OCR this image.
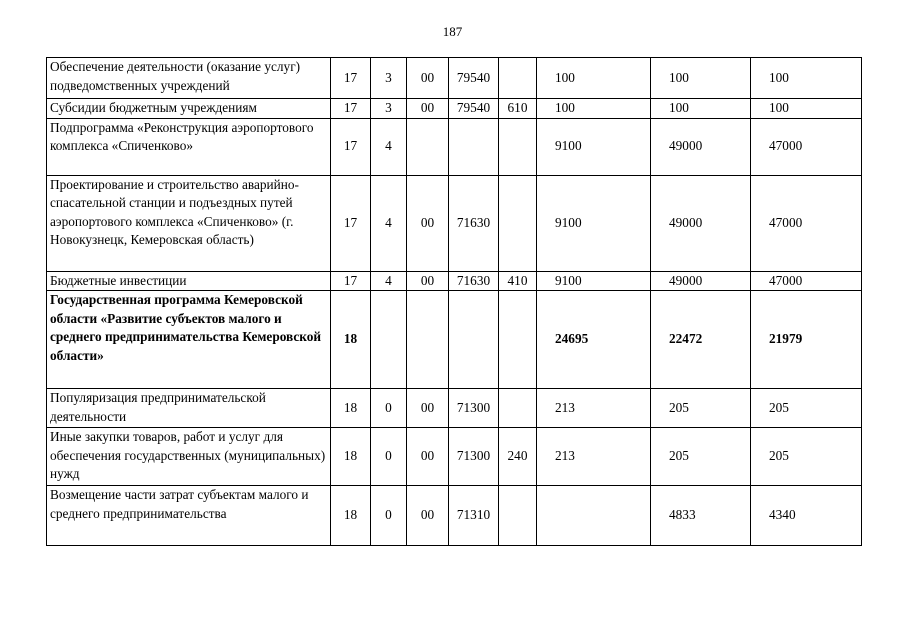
187
Обеспечение деятельности (оказание услуг) подведомственных учреждений	17	3	00	79540		100	100	100
Субсидии бюджетным учреждениям	17	3	00	79540	610	100	100	100
Подпрограмма «Реконструкция аэропортового комплекса «Спиченково»	17	4				9100	49000	47000
Проектирование и строительство аварийно-спасательной станции и подъездных путей аэропортового комплекса «Спиченково» (г. Новокузнецк, Кемеровская область)	17	4	00	71630		9100	49000	47000
Бюджетные инвестиции	17	4	00	71630	410	9100	49000	47000
Государственная программа Кемеровской области «Развитие субъектов малого и среднего предпринимательства Кемеровской области»	18					24695	22472	21979
Популяризация предпринимательской деятельности	18	0	00	71300		213	205	205
Иные закупки товаров, работ и услуг для обеспечения государственных (муниципальных) нужд	18	0	00	71300	240	213	205	205
Возмещение части затрат субъектам малого и среднего предпринимательства	18	0	00	71310			4833	4340
